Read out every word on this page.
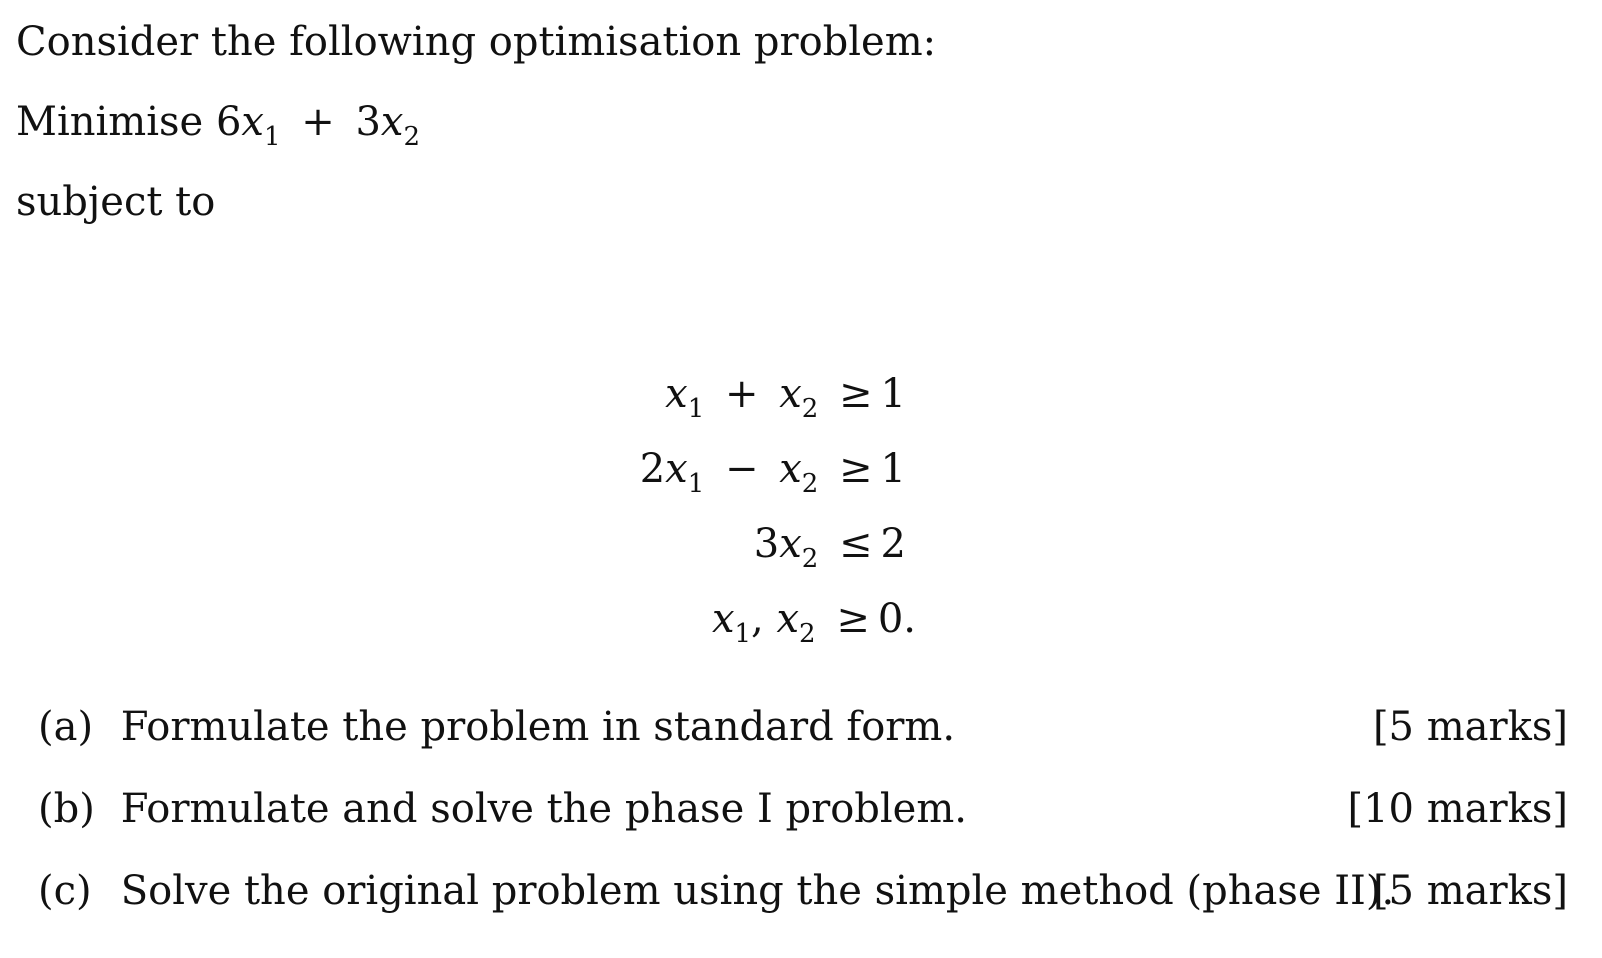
Consider the following optimisation problem:
Minimise $6x_1 + 3x_2$
subject to
$x_1 + x_2 \ge 1$
$2x_1 - x_2 \ge 1$
$3x_2 \le 2$
$x_1$, $x_2 \ge 0$.
(a) Formulate the problem in standard form.	[5 marks]
(b) Formulate and solve the phase I problem.	[10 marks]
(c) Solve the original problem using the simple method (phase II).
[5 marks]
